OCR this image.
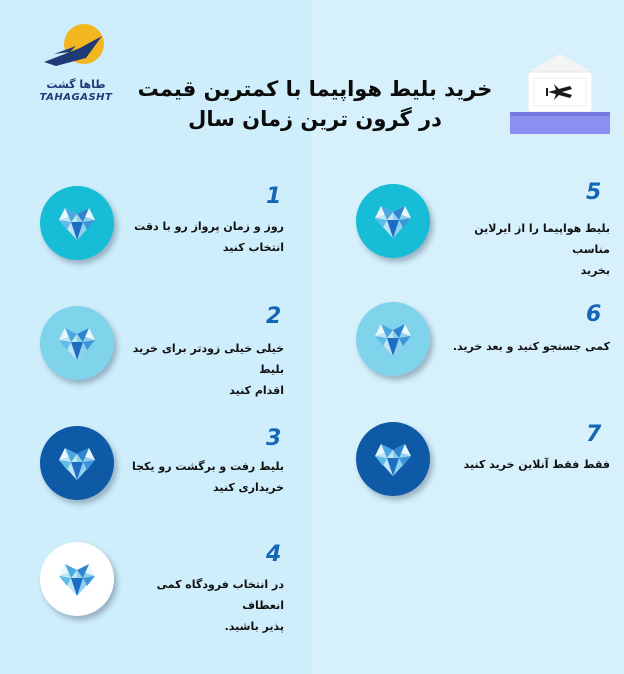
طاها گشت
TAHAGASHT	خرید بلیط هواپیما با کمترین قیمت
در گرون ترین زمان سال
1
روز و زمان پرواز رو با دقت
انتخاب کنید
2
خیلی خیلی زودتر برای خرید بلیط
اقدام کنید
3
بلیط رفت و برگشت رو یکجا
خریداری کنید
4
در انتخاب فرودگاه کمی انعطاف
پذیر باشید.
5
بلیط هواپیما را از ایرلاین مناسب
بخرید
6
کمی جستجو کنید و بعد خرید.
7
فقط فقط آنلاین خرید کنید
